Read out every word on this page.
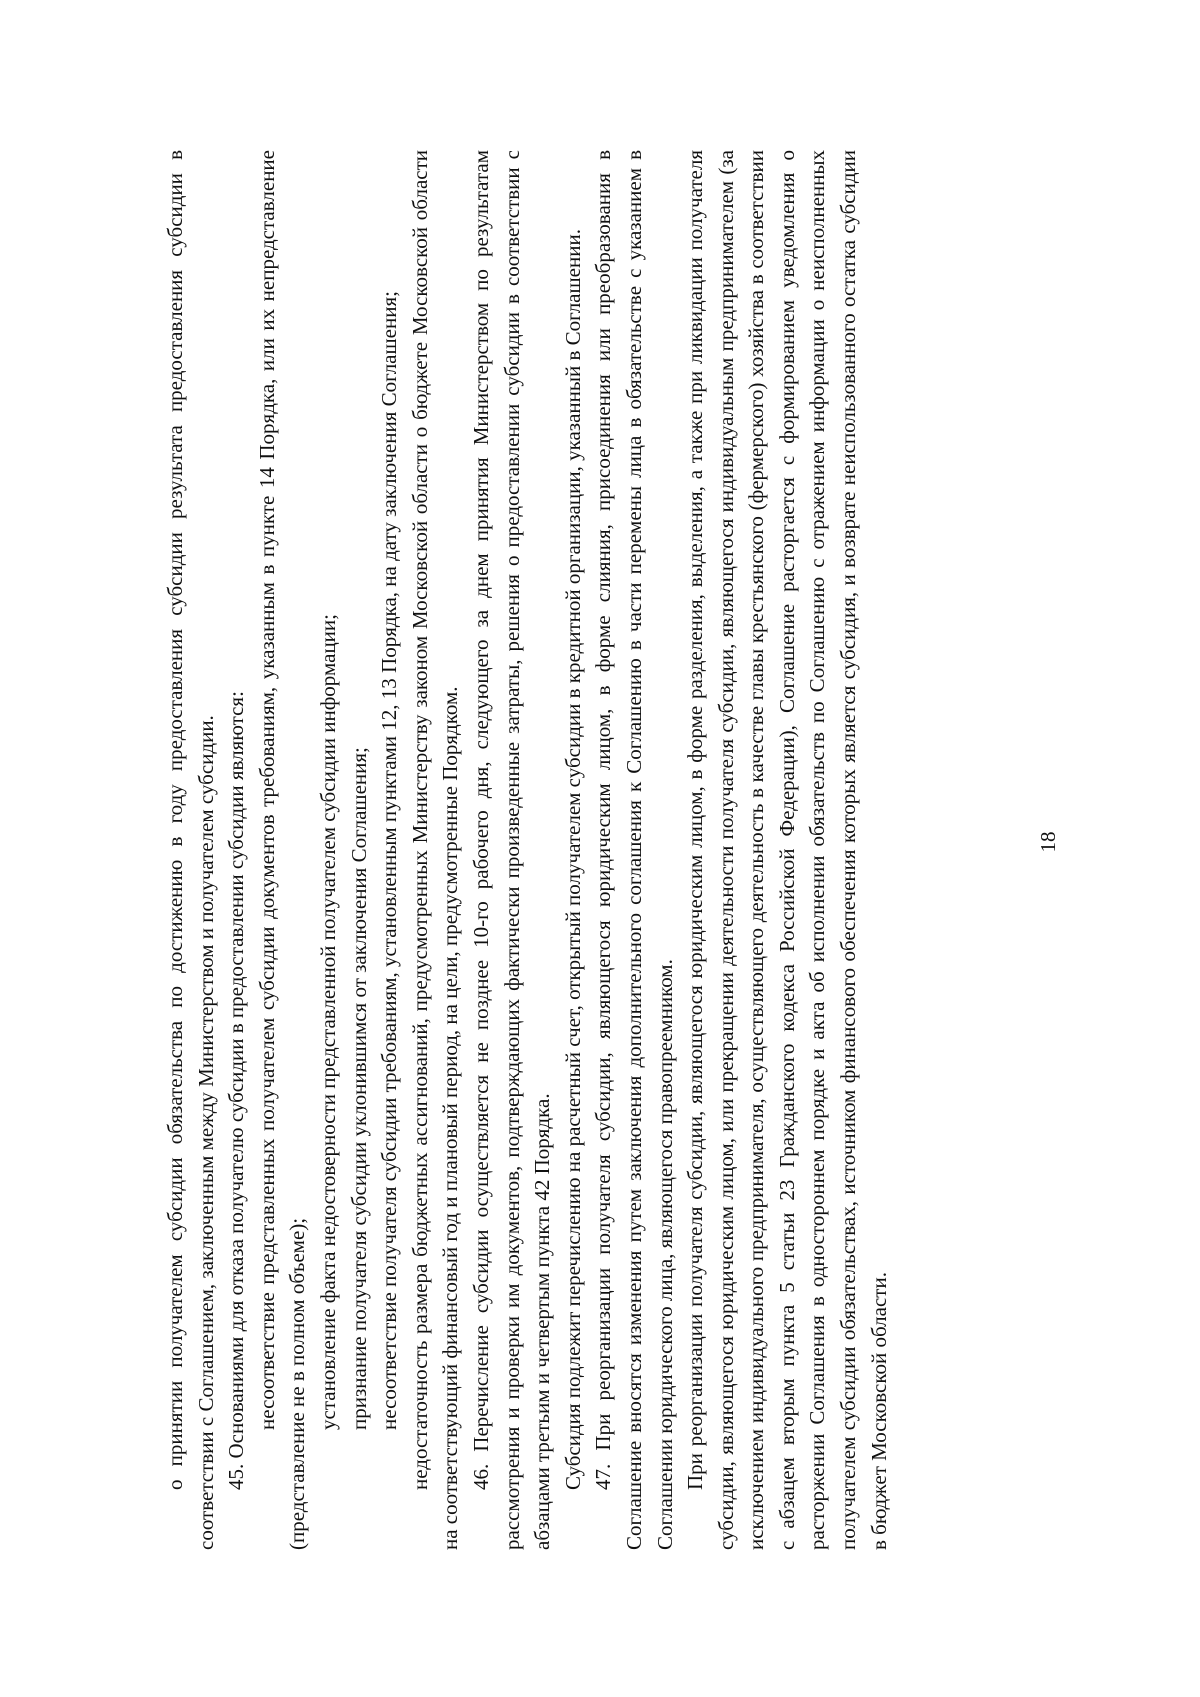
18

о принятии получателем субсидии обязательства по достижению в году предоставления субсидии результата предоставления субсидии в соответствии с Соглашением, заключенным между Министерством и получателем субсидии. 45. Основаниями для отказа получателю субсидии в предоставлении субсидии являются: несоответствие представленных получателем субсидии документов требованиям, указанным в пункте 14 Порядка, или их непредставление (представление не в полном объеме); установление факта недостоверности представленной получателем субсидии информации; признание получателя субсидии уклонившимся от заключения Соглашения; несоответствие получателя субсидии требованиям, установленным пунктами 12, 13 Порядка, на дату заключения Соглашения; недостаточность размера бюджетных ассигнований, предусмотренных Министерству законом Московской области о бюджете Московской области на соответствующий финансовый год и плановый период, на цели, предусмотренные Порядком. 46. Перечисление субсидии осуществляется не позднее 10-го рабочего дня, следующего за днем принятия Министерством по результатам рассмотрения и проверки им документов, подтверждающих фактически произведенные затраты, решения о предоставлении субсидии в соответствии с абзацами третьим и четвертым пункта 42 Порядка. Субсидия подлежит перечислению на расчетный счет, открытый получателем субсидии в кредитной организации, указанный в Соглашении. 47. При реорганизации получателя субсидии, являющегося юридическим лицом, в форме слияния, присоединения или преобразования в Соглашение вносятся изменения путем заключения дополнительного соглашения к Соглашению в части перемены лица в обязательстве с указанием в Соглашении юридического лица, являющегося правопреемником. При реорганизации получателя субсидии, являющегося юридическим лицом, в форме разделения, выделения, а также при ликвидации получателя субсидии, являющегося юридическим лицом, или прекращении деятельности получателя субсидии, являющегося индивидуальным предпринимателем (за исключением индивидуального предпринимателя, осуществляющего деятельность в качестве главы крестьянского (фермерского) хозяйства в соответствии с абзацем вторым пункта 5 статьи 23 Гражданского кодекса Российской Федерации), Соглашение расторгается с формированием уведомления о расторжении Соглашения в одностороннем порядке и акта об исполнении обязательств по Соглашению с отражением информации о неисполненных получателем субсидии обязательствах, источником финансового обеспечения которых является субсидия, и возврате неиспользованного остатка субсидии в бюджет Московской области.
